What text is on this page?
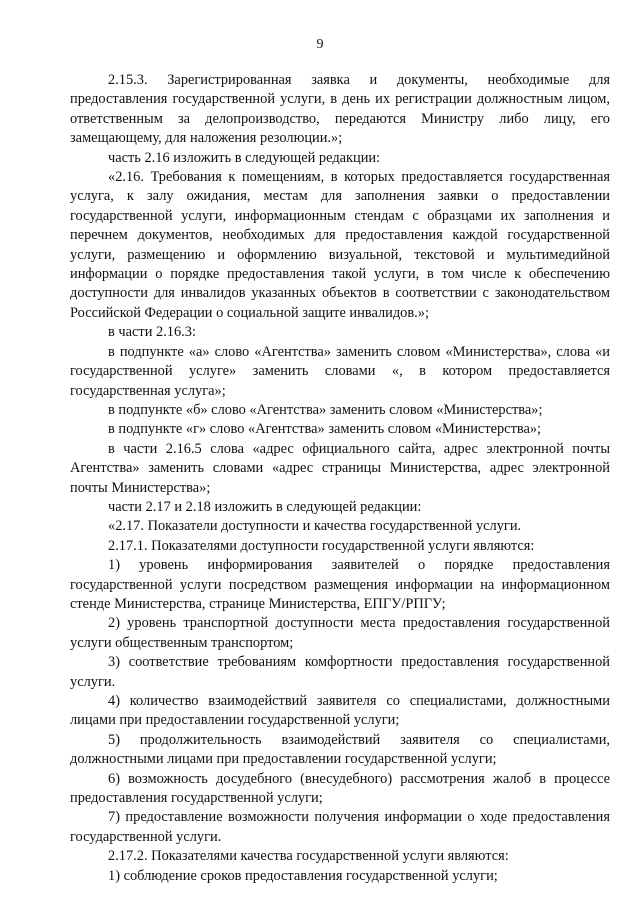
9

2.15.3. Зарегистрированная заявка и документы, необходимые для предоставления государственной услуги, в день их регистрации должностным лицом, ответственным за делопроизводство, передаются Министру либо лицу, его замещающему, для наложения резолюции.»;

часть 2.16 изложить в следующей редакции:

«2.16. Требования к помещениям, в которых предоставляется государственная услуга, к залу ожидания, местам для заполнения заявки о предоставлении государственной услуги, информационным стендам с образцами их заполнения и перечнем документов, необходимых для предоставления каждой государственной услуги, размещению и оформлению визуальной, текстовой и мультимедийной информации о порядке предоставления такой услуги, в том числе к обеспечению доступности для инвалидов указанных объектов в соответствии с законодательством Российской Федерации о социальной защите инвалидов.»;

в части 2.16.3:

в подпункте «а» слово «Агентства» заменить словом «Министерства», слова «и государственной услуге» заменить словами «, в котором предоставляется государственная услуга»;

в подпункте «б» слово «Агентства» заменить словом «Министерства»;

в подпункте «г» слово «Агентства» заменить словом «Министерства»;

в части 2.16.5 слова «адрес официального сайта, адрес электронной почты Агентства» заменить словами «адрес страницы Министерства, адрес электронной почты Министерства»;

части 2.17 и 2.18 изложить в следующей редакции:

«2.17. Показатели доступности и качества государственной услуги.

2.17.1. Показателями доступности государственной услуги являются:

1) уровень информирования заявителей о порядке предоставления государственной услуги посредством размещения информации на информационном стенде Министерства, странице Министерства, ЕПГУ/РПГУ;

2) уровень транспортной доступности места предоставления государственной услуги общественным транспортом;

3) соответствие требованиям комфортности предоставления государственной услуги.

4) количество взаимодействий заявителя со специалистами, должностными лицами при предоставлении государственной услуги;

5) продолжительность взаимодействий заявителя со специалистами, должностными лицами при предоставлении государственной услуги;

6) возможность досудебного (внесудебного) рассмотрения жалоб в процессе предоставления государственной услуги;

7) предоставление возможности получения информации о ходе предоставления государственной услуги.

2.17.2. Показателями качества государственной услуги являются:

1) соблюдение сроков предоставления государственной услуги;
